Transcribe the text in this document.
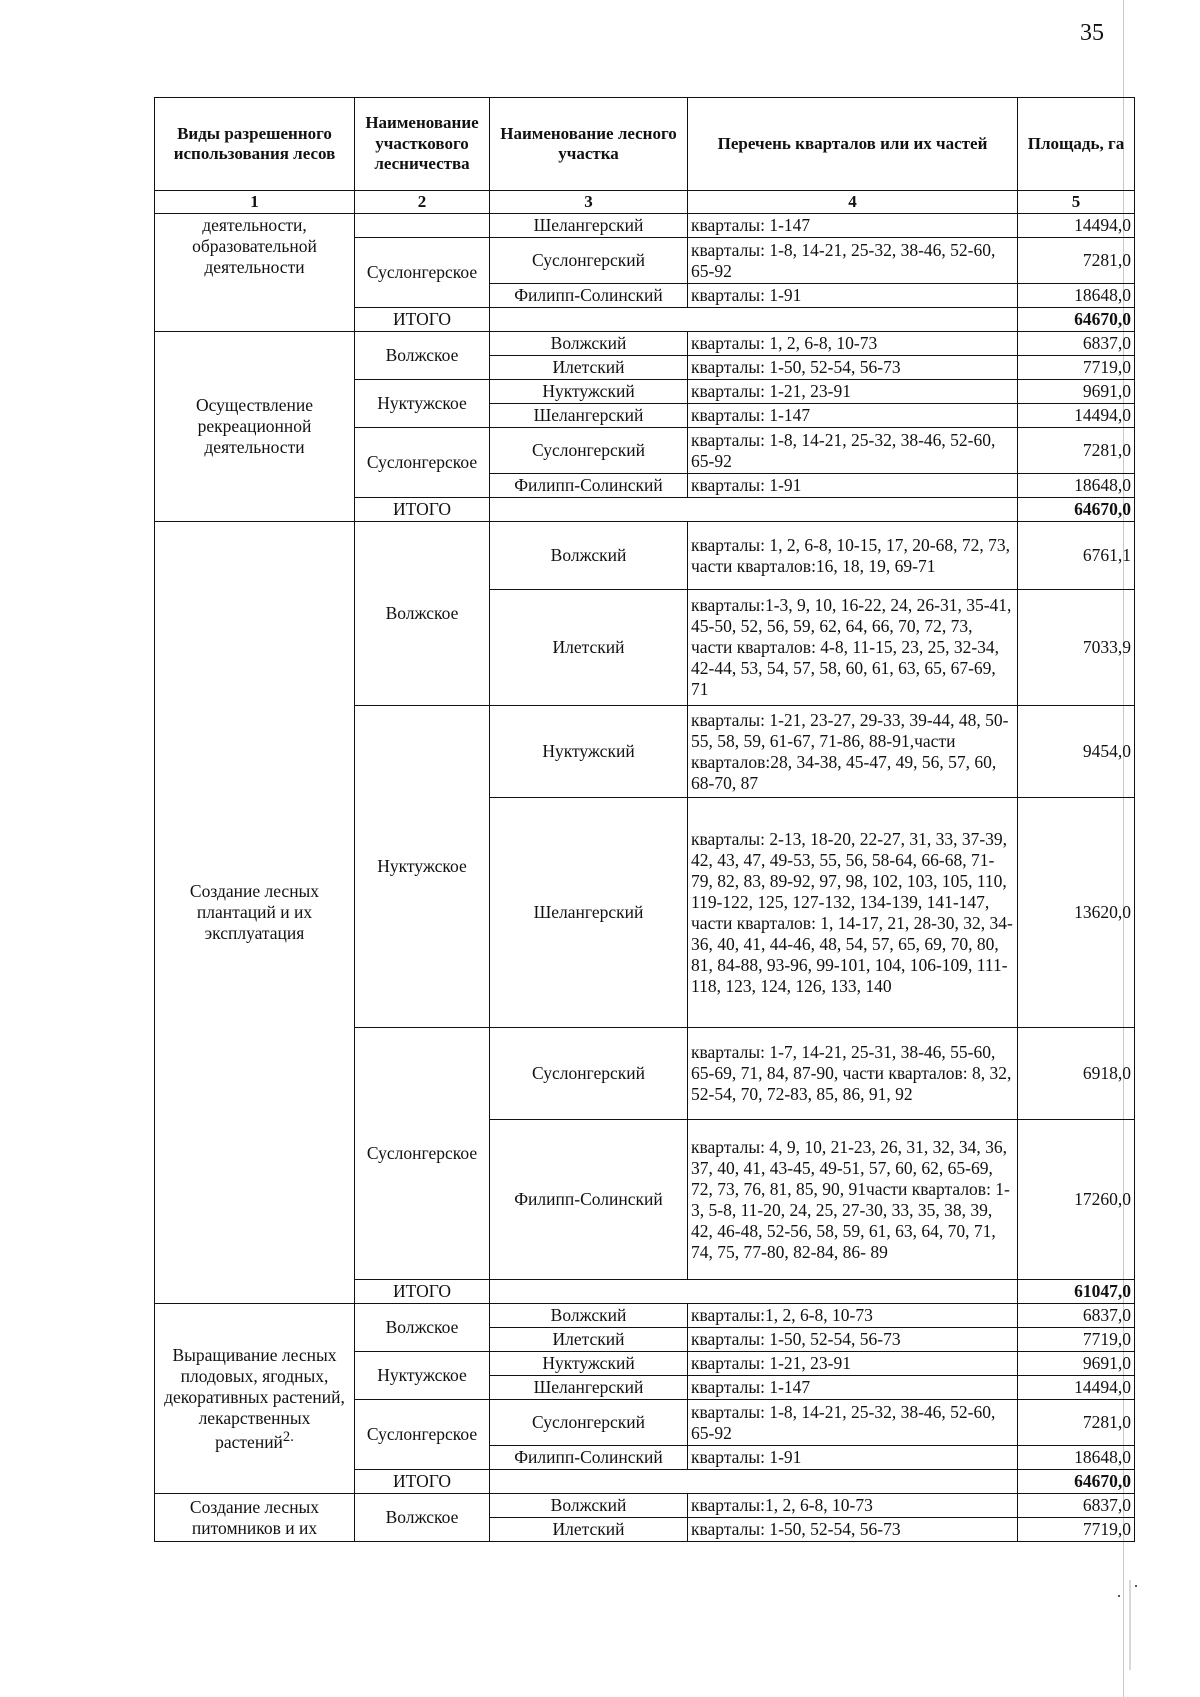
35
Виды разрешенного использования лесов	Наименование участкового лесничества	Наименование лесного участка	Перечень кварталов или их частей	Площадь, га
1	2	3	4	5
деятельности, образовательной деятельности		Шелангерский	кварталы: 1-147	14494,0
	Суслонгерское	Суслонгерский	кварталы: 1-8, 14-21, 25-32, 38-46, 52-60, 65-92	7281,0
		Филипп-Солинский	кварталы: 1-91	18648,0
	ИТОГО			64670,0
Осуществление рекреационной деятельности	Волжское	Волжский	кварталы: 1, 2, 6-8, 10-73	6837,0
		Илетский	кварталы: 1-50, 52-54, 56-73	7719,0
	Нуктужское	Нуктужский	кварталы: 1-21, 23-91	9691,0
		Шелангерский	кварталы: 1-147	14494,0
	Суслонгерское	Суслонгерский	кварталы: 1-8, 14-21, 25-32, 38-46, 52-60, 65-92	7281,0
		Филипп-Солинский	кварталы: 1-91	18648,0
	ИТОГО			64670,0
Создание лесных плантаций и их эксплуатация	Волжское	Волжский	кварталы: 1, 2, 6-8, 10-15, 17, 20-68, 72, 73, части кварталов:16, 18, 19, 69-71	6761,1
		Илетский	кварталы:1-3, 9, 10, 16-22, 24, 26-31, 35-41, 45-50, 52, 56, 59, 62, 64, 66, 70, 72, 73, части кварталов: 4-8, 11-15, 23, 25, 32-34, 42-44, 53, 54, 57, 58, 60, 61, 63, 65, 67-69, 71	7033,9
	Нуктужское	Нуктужский	кварталы: 1-21, 23-27, 29-33, 39-44, 48, 50-55, 58, 59, 61-67, 71-86, 88-91,части кварталов:28, 34-38, 45-47, 49, 56, 57, 60, 68-70, 87	9454,0
		Шелангерский	кварталы: 2-13, 18-20, 22-27, 31, 33, 37-39, 42, 43, 47, 49-53, 55, 56, 58-64, 66-68, 71-79, 82, 83, 89-92, 97, 98, 102, 103, 105, 110, 119-122, 125, 127-132, 134-139, 141-147, части кварталов: 1, 14-17, 21, 28-30, 32, 34-36, 40, 41, 44-46, 48, 54, 57, 65, 69, 70, 80, 81, 84-88, 93-96, 99-101, 104, 106-109, 111-118, 123, 124, 126, 133, 140	13620,0
	Суслонгерское	Суслонгерский	кварталы: 1-7, 14-21, 25-31, 38-46, 55-60, 65-69, 71, 84, 87-90, части кварталов: 8, 32, 52-54, 70, 72-83, 85, 86, 91, 92	6918,0
		Филипп-Солинский	кварталы: 4, 9, 10, 21-23, 26, 31, 32, 34, 36, 37, 40, 41, 43-45, 49-51, 57, 60, 62, 65-69, 72, 73, 76, 81, 85, 90, 91части кварталов: 1-3, 5-8, 11-20, 24, 25, 27-30, 33, 35, 38, 39, 42, 46-48, 52-56, 58, 59, 61, 63, 64, 70, 71, 74, 75, 77-80, 82-84, 86- 89	17260,0
	ИТОГО			61047,0
Выращивание лесных плодовых, ягодных, декоративных растений, лекарственных растений$^{2.}$	Волжское	Волжский	кварталы:1, 2, 6-8, 10-73	6837,0
		Илетский	кварталы: 1-50, 52-54, 56-73	7719,0
	Нуктужское	Нуктужский	кварталы: 1-21, 23-91	9691,0
		Шелангерский	кварталы: 1-147	14494,0
	Суслонгерское	Суслонгерский	кварталы: 1-8, 14-21, 25-32, 38-46, 52-60, 65-92	7281,0
		Филипп-Солинский	кварталы: 1-91	18648,0
	ИТОГО			64670,0
Создание лесных питомников и их	Волжское	Волжский	кварталы:1, 2, 6-8, 10-73	6837,0
		Илетский	кварталы: 1-50, 52-54, 56-73	7719,0
